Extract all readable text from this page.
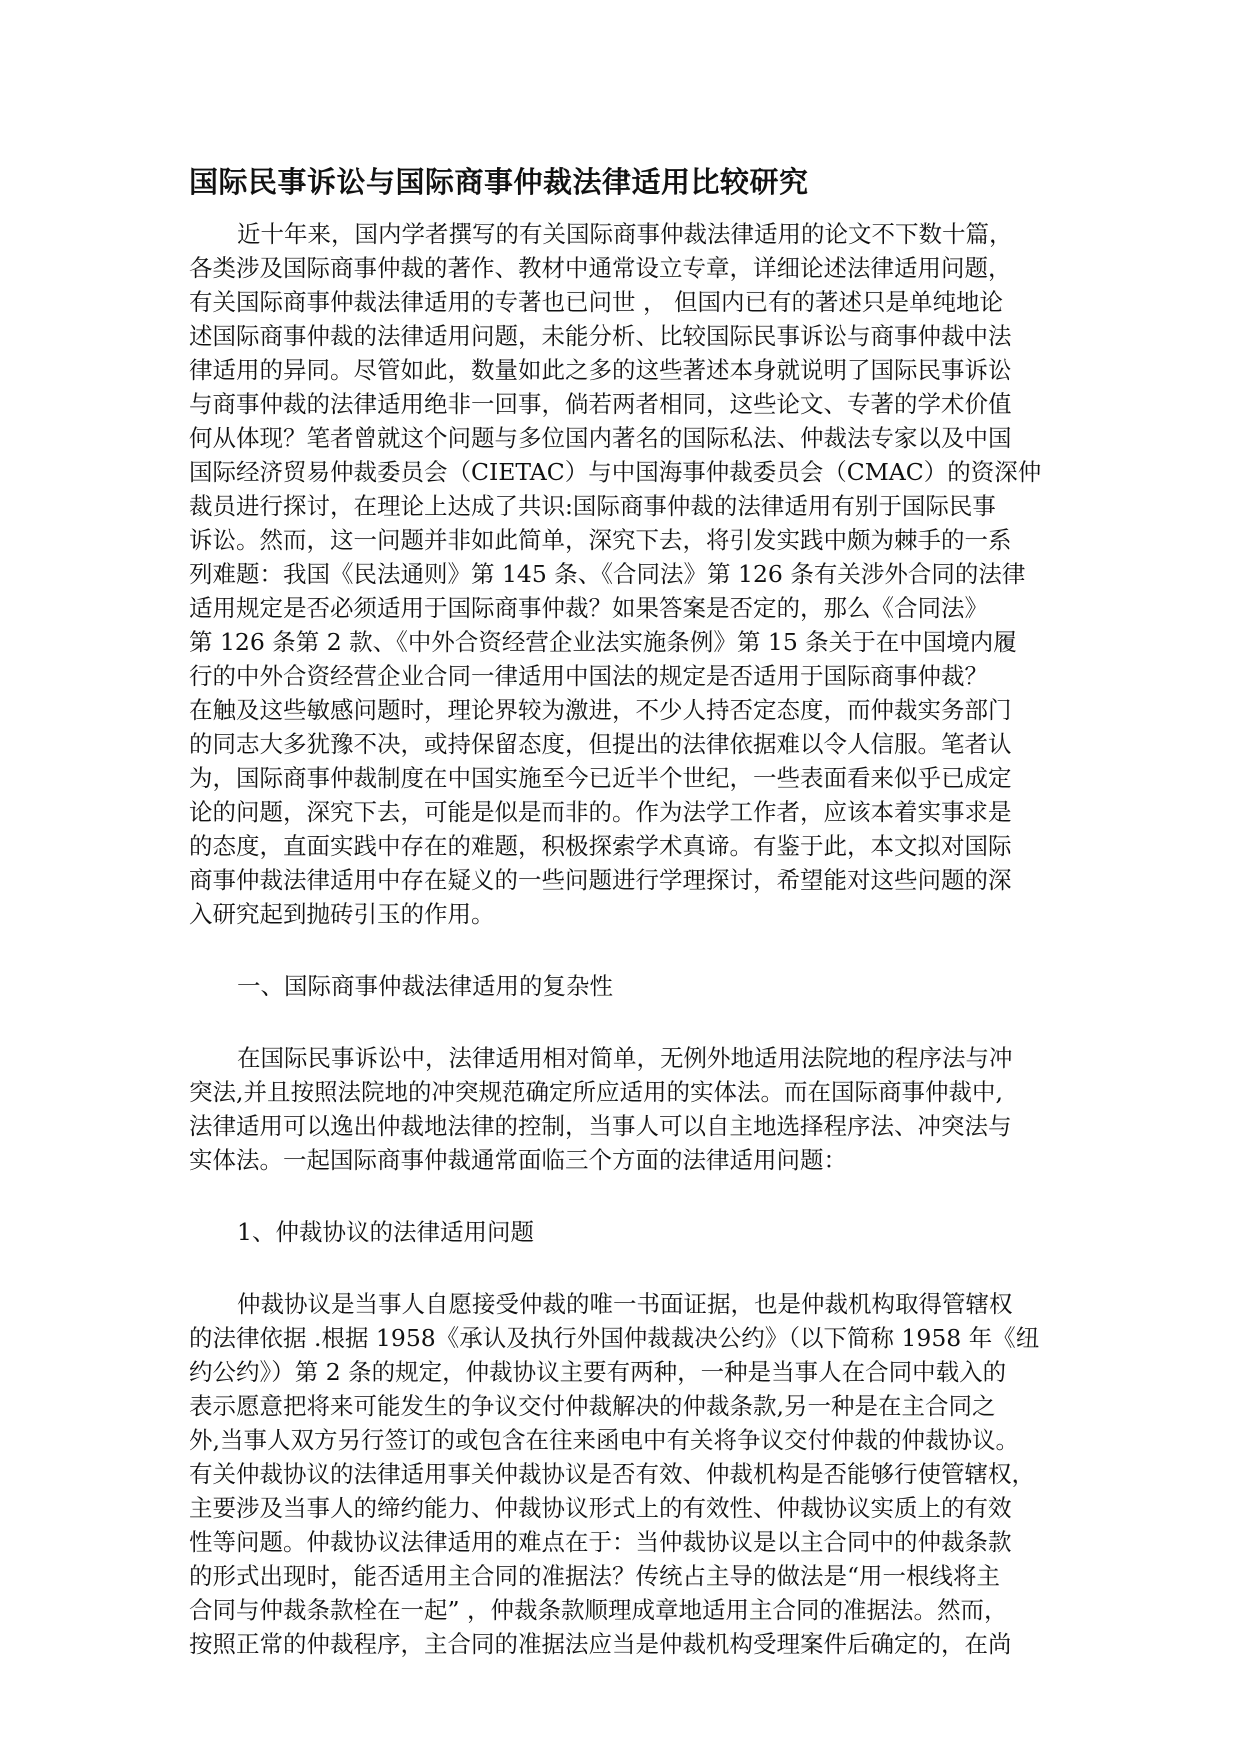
国际民事诉讼与国际商事仲裁法律适用比较研究

近十年来，国内学者撰写的有关国际商事仲裁法律适用的论文不下数十篇，

各类涉及国际商事仲裁的著作、教材中通常设立专章，详细论述法律适用问题，

有关国际商事仲裁法律适用的专著也已问世 ， 但国内已有的著述只是单纯地论

述国际商事仲裁的法律适用问题，未能分析、比较国际民事诉讼与商事仲裁中法

律适用的异同。尽管如此，数量如此之多的这些著述本身就说明了国际民事诉讼

与商事仲裁的法律适用绝非一回事，倘若两者相同，这些论文、专著的学术价值

何从体现？笔者曾就这个问题与多位国内著名的国际私法、仲裁法专家以及中国

国际经济贸易仲裁委员会（CIETAC）与中国海事仲裁委员会（CMAC）的资深仲

裁员进行探讨，在理论上达成了共识:国际商事仲裁的法律适用有别于国际民事

诉讼。然而，这一问题并非如此简单，深究下去，将引发实践中颇为棘手的一系

列难题：我国《民法通则》第 145 条、《合同法》第 126 条有关涉外合同的法律

适用规定是否必须适用于国际商事仲裁？如果答案是否定的，那么《合同法》

第 126 条第 2 款、《中外合资经营企业法实施条例》第 15 条关于在中国境内履

行的中外合资经营企业合同一律适用中国法的规定是否适用于国际商事仲裁？

在触及这些敏感问题时，理论界较为激进，不少人持否定态度，而仲裁实务部门

的同志大多犹豫不决，或持保留态度，但提出的法律依据难以令人信服。笔者认

为，国际商事仲裁制度在中国实施至今已近半个世纪，一些表面看来似乎已成定

论的问题，深究下去，可能是似是而非的。作为法学工作者，应该本着实事求是

的态度，直面实践中存在的难题，积极探索学术真谛。有鉴于此，本文拟对国际

商事仲裁法律适用中存在疑义的一些问题进行学理探讨，希望能对这些问题的深

入研究起到抛砖引玉的作用。

一、国际商事仲裁法律适用的复杂性

在国际民事诉讼中，法律适用相对简单，无例外地适用法院地的程序法与冲

突法,并且按照法院地的冲突规范确定所应适用的实体法。而在国际商事仲裁中,

法律适用可以逸出仲裁地法律的控制，当事人可以自主地选择程序法、冲突法与

实体法。一起国际商事仲裁通常面临三个方面的法律适用问题：

1、仲裁协议的法律适用问题

仲裁协议是当事人自愿接受仲裁的唯一书面证据，也是仲裁机构取得管辖权

的法律依据 .根据 1958《承认及执行外国仲裁裁决公约》（以下简称 1958 年《纽

约公约》）第 2 条的规定，仲裁协议主要有两种，一种是当事人在合同中载入的

表示愿意把将来可能发生的争议交付仲裁解决的仲裁条款,另一种是在主合同之

外,当事人双方另行签订的或包含在往来函电中有关将争议交付仲裁的仲裁协议。

有关仲裁协议的法律适用事关仲裁协议是否有效、仲裁机构是否能够行使管辖权，

主要涉及当事人的缔约能力、仲裁协议形式上的有效性、仲裁协议实质上的有效

性等问题。仲裁协议法律适用的难点在于：当仲裁协议是以主合同中的仲裁条款

的形式出现时，能否适用主合同的准据法？传统占主导的做法是“用一根线将主

合同与仲裁条款栓在一起” ，仲裁条款顺理成章地适用主合同的准据法。然而，

按照正常的仲裁程序，主合同的准据法应当是仲裁机构受理案件后确定的，在尚
